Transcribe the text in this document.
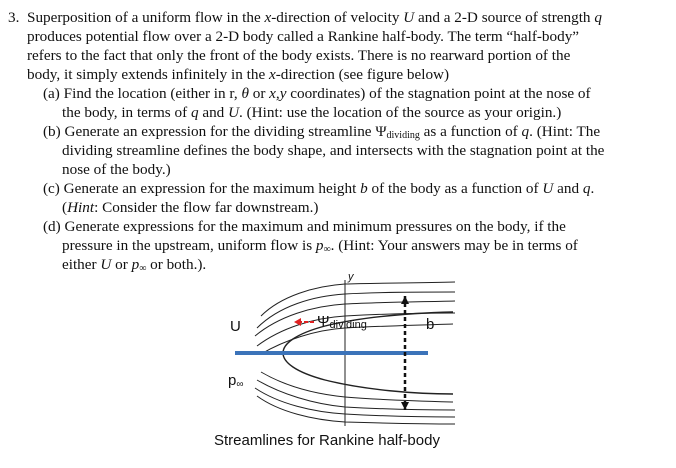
3. Superposition of a uniform flow in the x-direction of velocity U and a 2-D source of strength q
produces potential flow over a 2-D body called a Rankine half-body. The term “half-body”
refers to the fact that only the front of the body exists. There is no rearward portion of the
body, it simply extends infinitely in the x-direction (see figure below)
(a) Find the location (either in r, θ or x,y coordinates) of the stagnation point at the nose of
the body, in terms of q and U. (Hint: use the location of the source as your origin.)
(b) Generate an expression for the dividing streamline $\Psi_{dividing}$ as a function of q. (Hint: The
dividing streamline defines the body shape, and intersects with the stagnation point at the
nose of the body.)
(c) Generate an expression for the maximum height b of the body as a function of U and q.
(Hint: Consider the flow far downstream.)
(d) Generate expressions for the maximum and minimum pressures on the body, if the
pressure in the upstream, uniform flow is $p_\infty$. (Hint: Your answers may be in terms of
either U or $p_\infty$ or both.).
U
$p_\infty$
$\Psi_{dividing}$	b
y
Streamlines for Rankine half-body
